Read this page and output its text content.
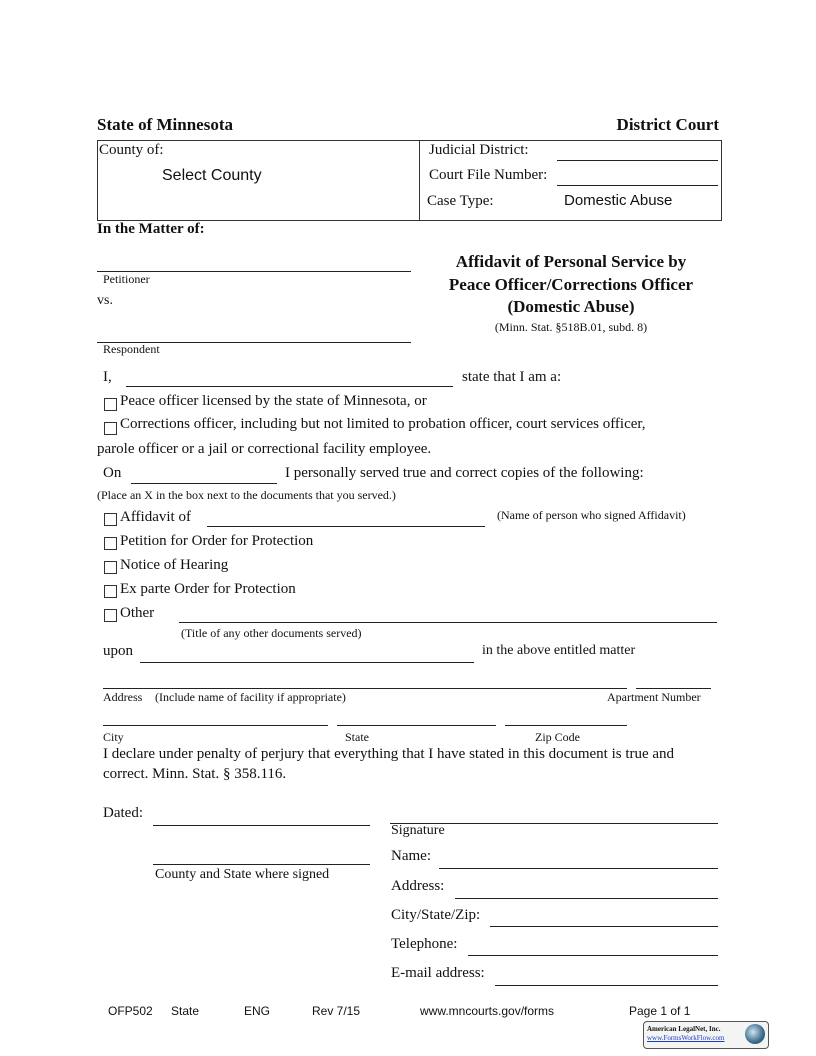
State of Minnesota	District Court
County of:
Select County
Judicial District:
Court File Number:
Case Type:	Domestic Abuse
In the Matter of:
Petitioner
vs.
Respondent
Affidavit of Personal Service by
Peace Officer/Corrections Officer
(Domestic Abuse)
(Minn. Stat. §518B.01, subd. 8)
I,	state that I am a:
Peace officer licensed by the state of Minnesota, or
Corrections officer, including but not limited to probation officer, court services officer,
parole officer or a jail or correctional facility employee.
On	I personally served true and correct copies of the following:
(Place an X in the box next to the documents that you served.)
Affidavit of	(Name of person who signed Affidavit)
Petition for Order for Protection
Notice of Hearing
Ex parte Order for Protection
Other
(Title of any other documents served)
upon	in the above entitled matter
Address (Include name of facility if appropriate)	Apartment Number
City	State	Zip Code
I declare under penalty of perjury that everything that I have stated in this document is true and
correct. Minn. Stat. § 358.116.
Dated:
County and State where signed
Signature
Name:
Address:
City/State/Zip:
Telephone:
E-mail address:
OFP502 State	ENG	Rev 7/15	www.mncourts.gov/forms	Page 1 of 1
American LegalNet, Inc.
www.FormsWorkFlow.com
